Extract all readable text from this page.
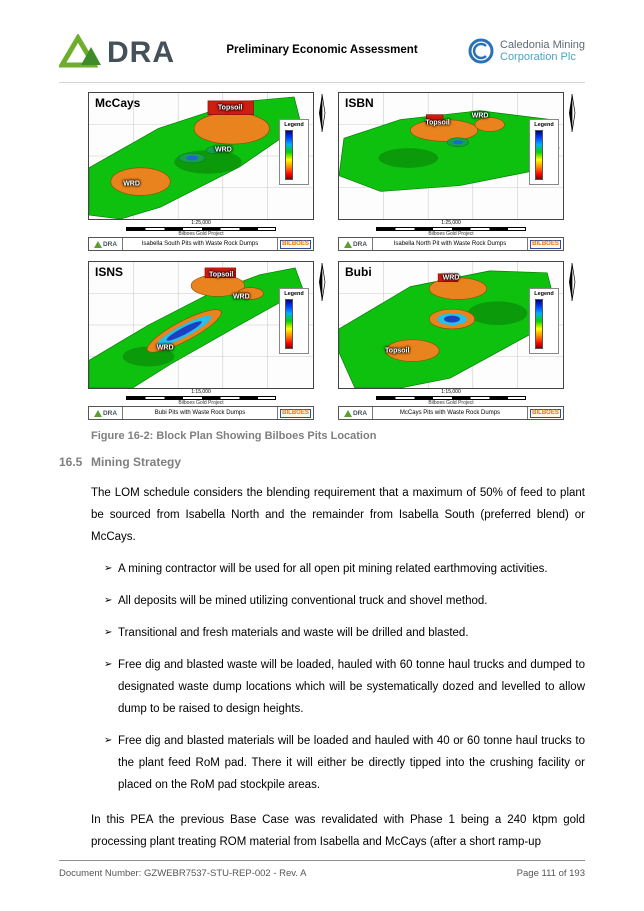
DRA	Preliminary Economic Assessment	Caledonia Mining
Corporation Plc
McCays	Topsoil
WRD
WRD
Legend
1:25,000
Bilboes Gold Project
DRA	Isabella South Pits with Waste Rock Dumps	BILBOES
ISBN
Topsoil
WRD
Legend
1:25,000
Bilboes Gold Project
DRA	Isabella North Pit with Waste Rock Dumps	BILBOES
ISNS	Topsoil
WRD
WRD
Legend
1:15,000
Bilboes Gold Project
DRA	Bubi Pits with Waste Rock Dumps	BILBOES
Bubi	WRD
Topsoil
Legend
1:15,000
Bilboes Gold Project
DRA	McCays Pits with Waste Rock Dumps	BILBOES
Figure 16-2: Block Plan Showing Bilboes Pits Location
16.5 Mining Strategy

The LOM schedule considers the blending requirement that a maximum of 50% of feed to plant be sourced from Isabella North and the remainder from Isabella South (preferred blend) or McCays.

➢ A mining contractor will be used for all open pit mining related earthmoving activities.
➢ All deposits will be mined utilizing conventional truck and shovel method.
➢ Transitional and fresh materials and waste will be drilled and blasted.
➢ Free dig and blasted waste will be loaded, hauled with 60 tonne haul trucks and dumped to designated waste dump locations which will be systematically dozed and levelled to allow dump to be raised to design heights.
➢ Free dig and blasted materials will be loaded and hauled with 40 or 60 tonne haul trucks to the plant feed RoM pad. There it will either be directly tipped into the crushing facility or placed on the RoM pad stockpile areas.

In this PEA the previous Base Case was revalidated with Phase 1 being a 240 ktpm gold processing plant treating ROM material from Isabella and McCays (after a short ramp-up

Document Number: GZWEBR7537-STU-REP-002 - Rev. A	Page 111 of 193
